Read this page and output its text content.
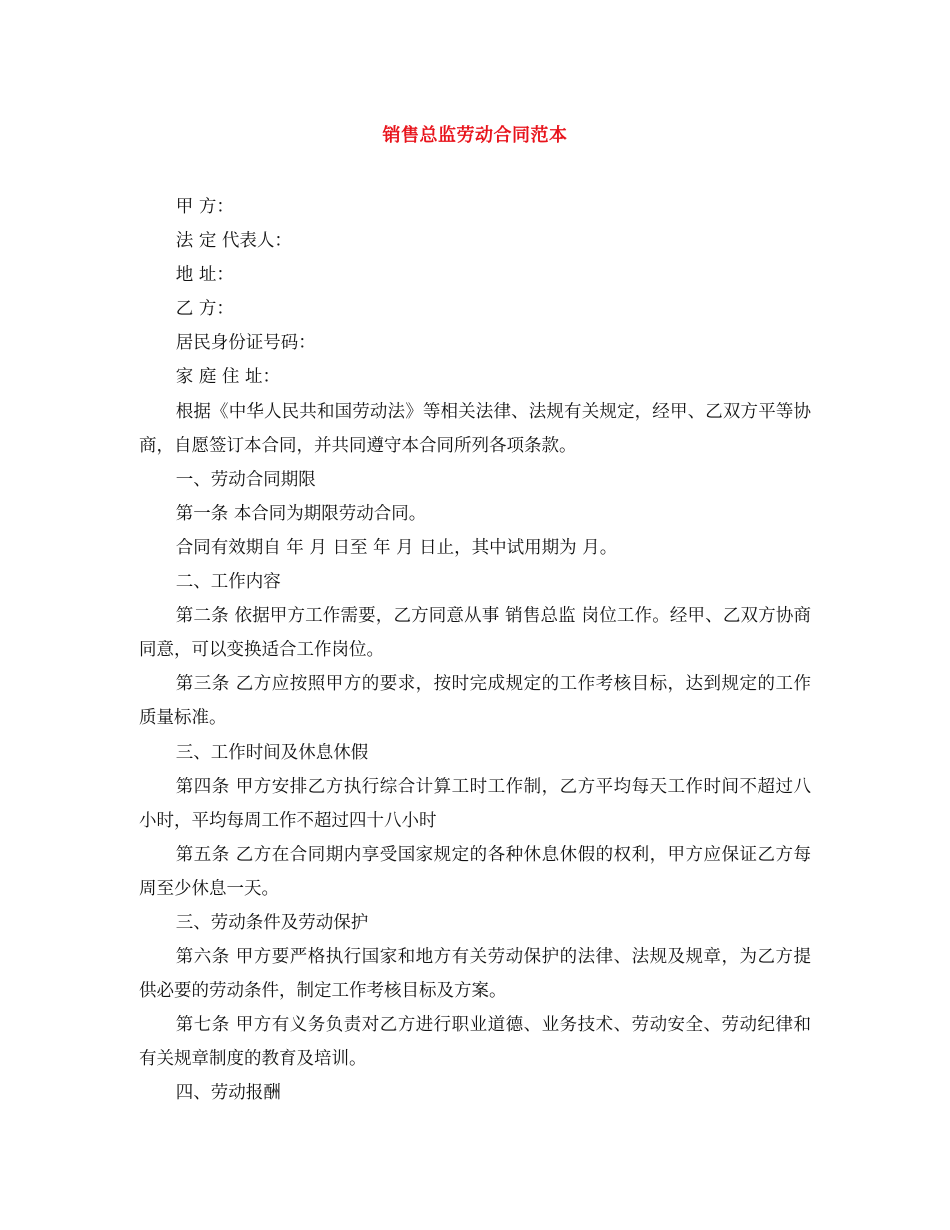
销售总监劳动合同范本

甲 方：

法 定 代表人：

地 址：

乙 方：

居民身份证号码：

家 庭 住 址：

根据《中华人民共和国劳动法》等相关法律、法规有关规定，经甲、乙双方平等协商，自愿签订本合同，并共同遵守本合同所列各项条款。

一、劳动合同期限

第一条 本合同为期限劳动合同。

合同有效期自 年 月 日至 年 月 日止，其中试用期为 月。

二、工作内容

第二条 依据甲方工作需要，乙方同意从事 销售总监 岗位工作。经甲、乙双方协商同意，可以变换适合工作岗位。

第三条 乙方应按照甲方的要求，按时完成规定的工作考核目标，达到规定的工作质量标准。

三、工作时间及休息休假

第四条 甲方安排乙方执行综合计算工时工作制，乙方平均每天工作时间不超过八小时，平均每周工作不超过四十八小时

第五条 乙方在合同期内享受国家规定的各种休息休假的权利，甲方应保证乙方每周至少休息一天。

三、劳动条件及劳动保护

第六条 甲方要严格执行国家和地方有关劳动保护的法律、法规及规章，为乙方提供必要的劳动条件，制定工作考核目标及方案。

第七条 甲方有义务负责对乙方进行职业道德、业务技术、劳动安全、劳动纪律和有关规章制度的教育及培训。

四、劳动报酬
